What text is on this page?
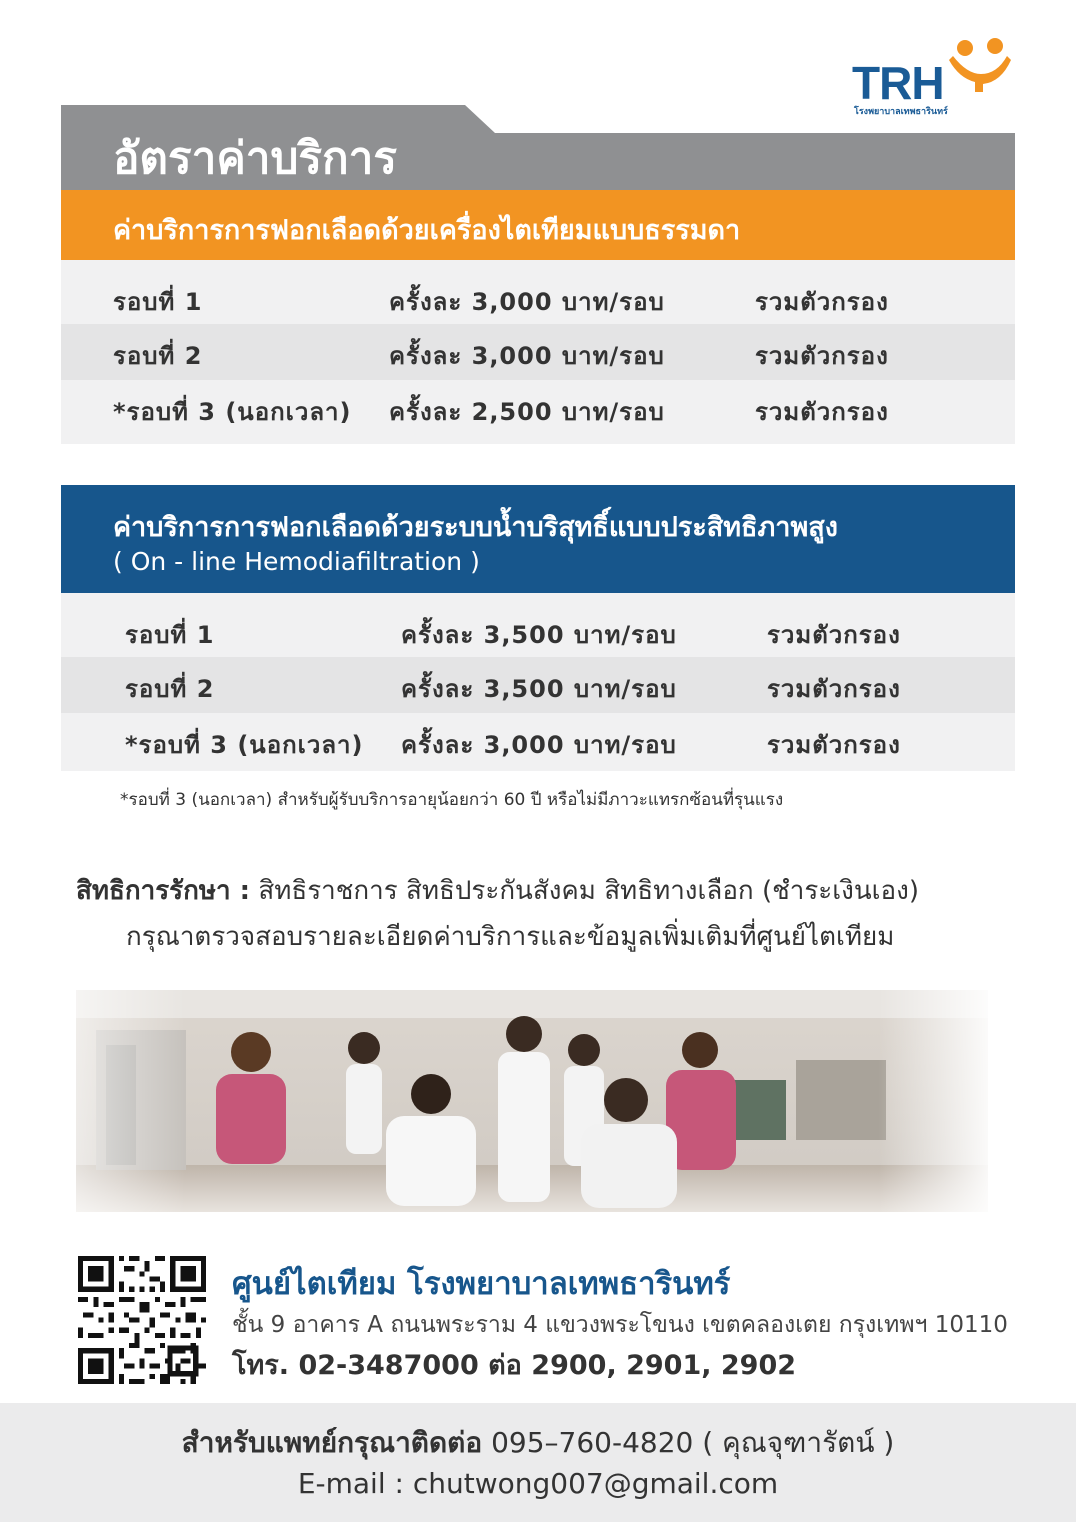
TRH
โรงพยาบาลเทพธารินทร์
อัตราค่าบริการ
ค่าบริการการฟอกเลือดด้วยเครื่องไตเทียมแบบธรรมดา
รอบที่ 1	ครั้งละ 3,000 บาท/รอบ	รวมตัวกรอง
รอบที่ 2	ครั้งละ 3,000 บาท/รอบ	รวมตัวกรอง
*รอบที่ 3 (นอกเวลา) ครั้งละ 2,500 บาท/รอบ	รวมตัวกรอง
ค่าบริการการฟอกเลือดด้วยระบบน้ำบริสุทธิ์แบบประสิทธิภาพสูง
( On - line Hemodiafiltration )
รอบที่ 1	ครั้งละ 3,500 บาท/รอบ	รวมตัวกรอง
รอบที่ 2	ครั้งละ 3,500 บาท/รอบ	รวมตัวกรอง
*รอบที่ 3 (นอกเวลา) ครั้งละ 3,000 บาท/รอบ	รวมตัวกรอง
*รอบที่ 3 (นอกเวลา) สำหรับผู้รับบริการอายุน้อยกว่า 60 ปี หรือไม่มีภาวะแทรกซ้อนที่รุนแรง
สิทธิการรักษา : สิทธิราชการ สิทธิประกันสังคม สิทธิทางเลือก (ชำระเงินเอง)
กรุณาตรวจสอบรายละเอียดค่าบริการและข้อมูลเพิ่มเติมที่ศูนย์ไตเทียม
ศูนย์ไตเทียม โรงพยาบาลเทพธารินทร์
ชั้น 9 อาคาร A ถนนพระราม 4 แขวงพระโขนง เขตคลองเตย กรุงเทพฯ 10110
โทร. 02-3487000 ต่อ 2900, 2901, 2902
สำหรับแพทย์กรุณาติดต่อ 095–760-4820 ( คุณจุฑารัตน์ )
E-mail : chutwong007@gmail.com
